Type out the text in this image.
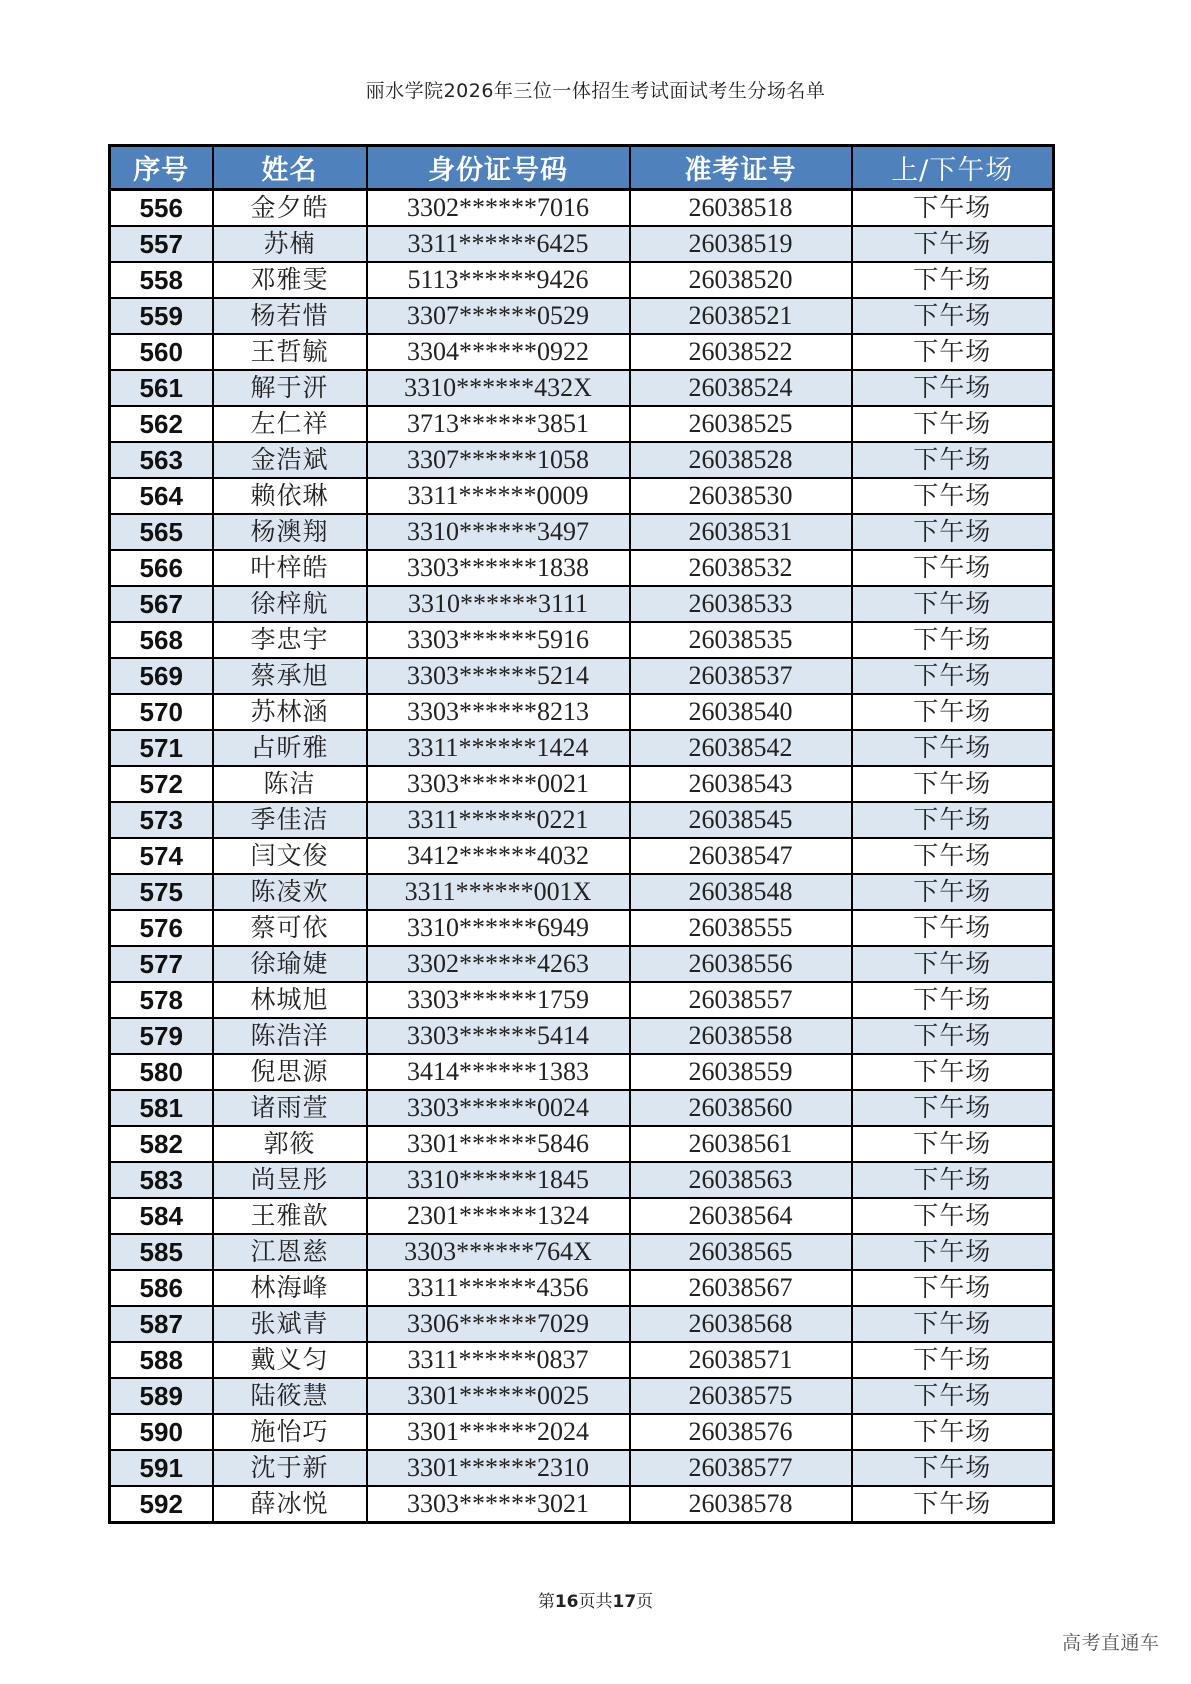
丽水学院2026年三位一体招生考试面试考生分场名单
序号	姓名	身份证号码	准考证号	上/下午场
556	金夕皓	3302******7016	26038518	下午场
557	苏楠	3311******6425	26038519	下午场
558	邓雅雯	5113******9426	26038520	下午场
559	杨若惜	3307******0529	26038521	下午场
560	王哲毓	3304******0922	26038522	下午场
561	解于汧	3310******432X	26038524	下午场
562	左仁祥	3713******3851	26038525	下午场
563	金浩斌	3307******1058	26038528	下午场
564	赖依琳	3311******0009	26038530	下午场
565	杨澳翔	3310******3497	26038531	下午场
566	叶梓皓	3303******1838	26038532	下午场
567	徐梓航	3310******3111	26038533	下午场
568	李忠宇	3303******5916	26038535	下午场
569	蔡承旭	3303******5214	26038537	下午场
570	苏林涵	3303******8213	26038540	下午场
571	占昕雅	3311******1424	26038542	下午场
572	陈洁	3303******0021	26038543	下午场
573	季佳洁	3311******0221	26038545	下午场
574	闫文俊	3412******4032	26038547	下午场
575	陈凌欢	3311******001X	26038548	下午场
576	蔡可依	3310******6949	26038555	下午场
577	徐瑜婕	3302******4263	26038556	下午场
578	林城旭	3303******1759	26038557	下午场
579	陈浩洋	3303******5414	26038558	下午场
580	倪思源	3414******1383	26038559	下午场
581	诸雨萱	3303******0024	26038560	下午场
582	郭筱	3301******5846	26038561	下午场
583	尚昱彤	3310******1845	26038563	下午场
584	王雅歆	2301******1324	26038564	下午场
585	江恩慈	3303******764X	26038565	下午场
586	林海峰	3311******4356	26038567	下午场
587	张斌青	3306******7029	26038568	下午场
588	戴义匀	3311******0837	26038571	下午场
589	陆筱慧	3301******0025	26038575	下午场
590	施怡巧	3301******2024	26038576	下午场
591	沈于新	3301******2310	26038577	下午场
592	薛冰悦	3303******3021	26038578	下午场
第16页共17页
高考直通车
